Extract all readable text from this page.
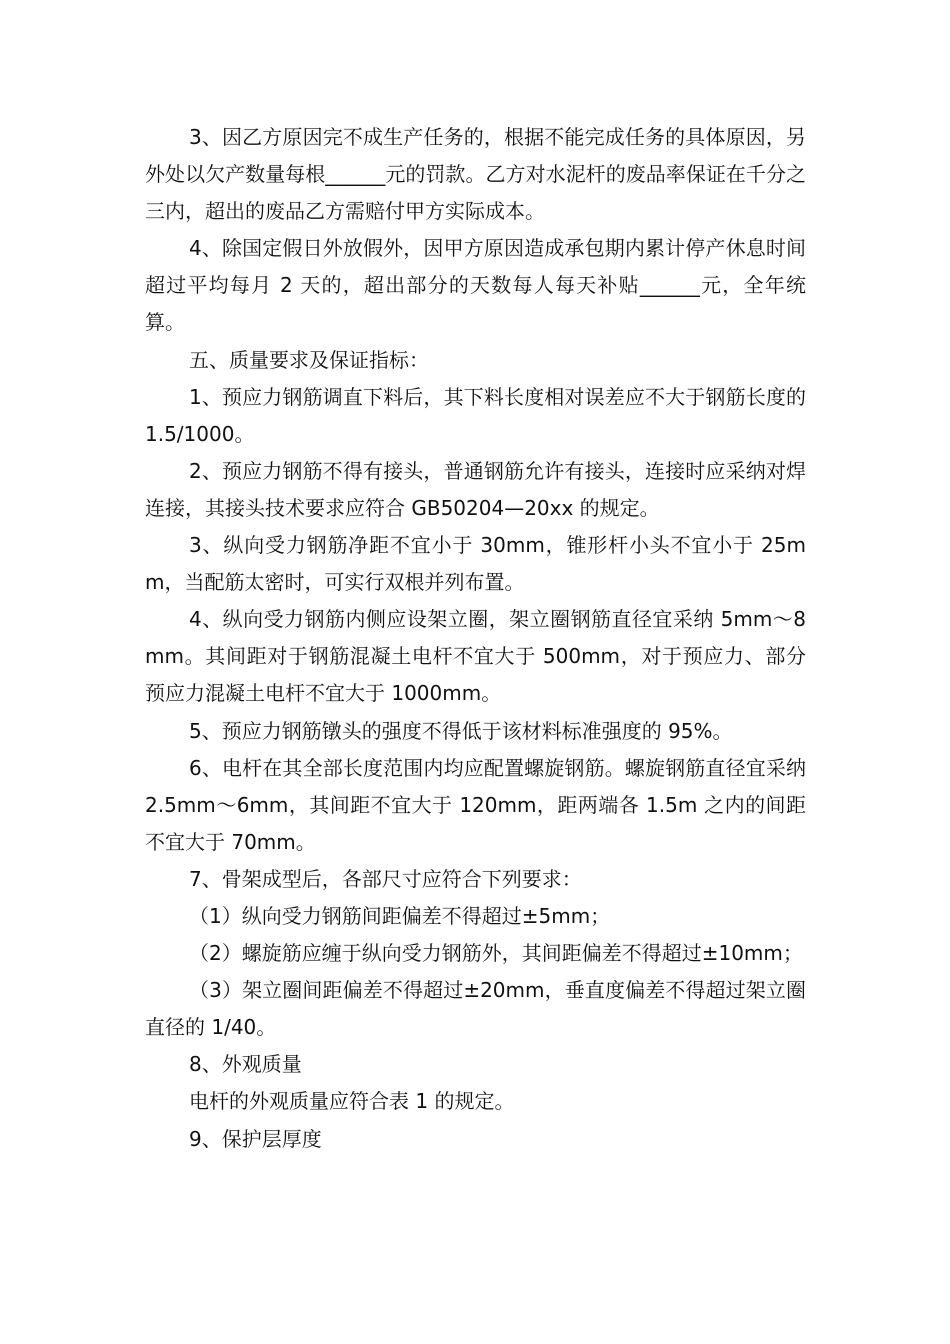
3、因乙方原因完不成生产任务的，根据不能完成任务的具体原因，另外处以欠产数量每根______元的罚款。乙方对水泥杆的废品率保证在千分之三内，超出的废品乙方需赔付甲方实际成本。

4、除国定假日外放假外，因甲方原因造成承包期内累计停产休息时间超过平均每月 2 天的，超出部分的天数每人每天补贴______元，全年统算。

五、质量要求及保证指标：

1、预应力钢筋调直下料后，其下料长度相对误差应不大于钢筋长度的 1.5/1000。

2、预应力钢筋不得有接头，普通钢筋允许有接头，连接时应采纳对焊连接，其接头技术要求应符合 GB50204—20xx 的规定。

3、纵向受力钢筋净距不宜小于 30mm，锥形杆小头不宜小于 25mm，当配筋太密时，可实行双根并列布置。

4、纵向受力钢筋内侧应设架立圈，架立圈钢筋直径宜采纳 5mm～8mm。其间距对于钢筋混凝土电杆不宜大于 500mm，对于预应力、部分预应力混凝土电杆不宜大于 1000mm。

5、预应力钢筋镦头的强度不得低于该材料标准强度的 95%。

6、电杆在其全部长度范围内均应配置螺旋钢筋。螺旋钢筋直径宜采纳 2.5mm～6mm，其间距不宜大于 120mm，距两端各 1.5m 之内的间距不宜大于 70mm。

7、骨架成型后，各部尺寸应符合下列要求：

（1）纵向受力钢筋间距偏差不得超过±5mm；

（2）螺旋筋应缠于纵向受力钢筋外，其间距偏差不得超过±10mm；

（3）架立圈间距偏差不得超过±20mm，垂直度偏差不得超过架立圈直径的 1/40。

8、外观质量

电杆的外观质量应符合表 1 的规定。

9、保护层厚度
